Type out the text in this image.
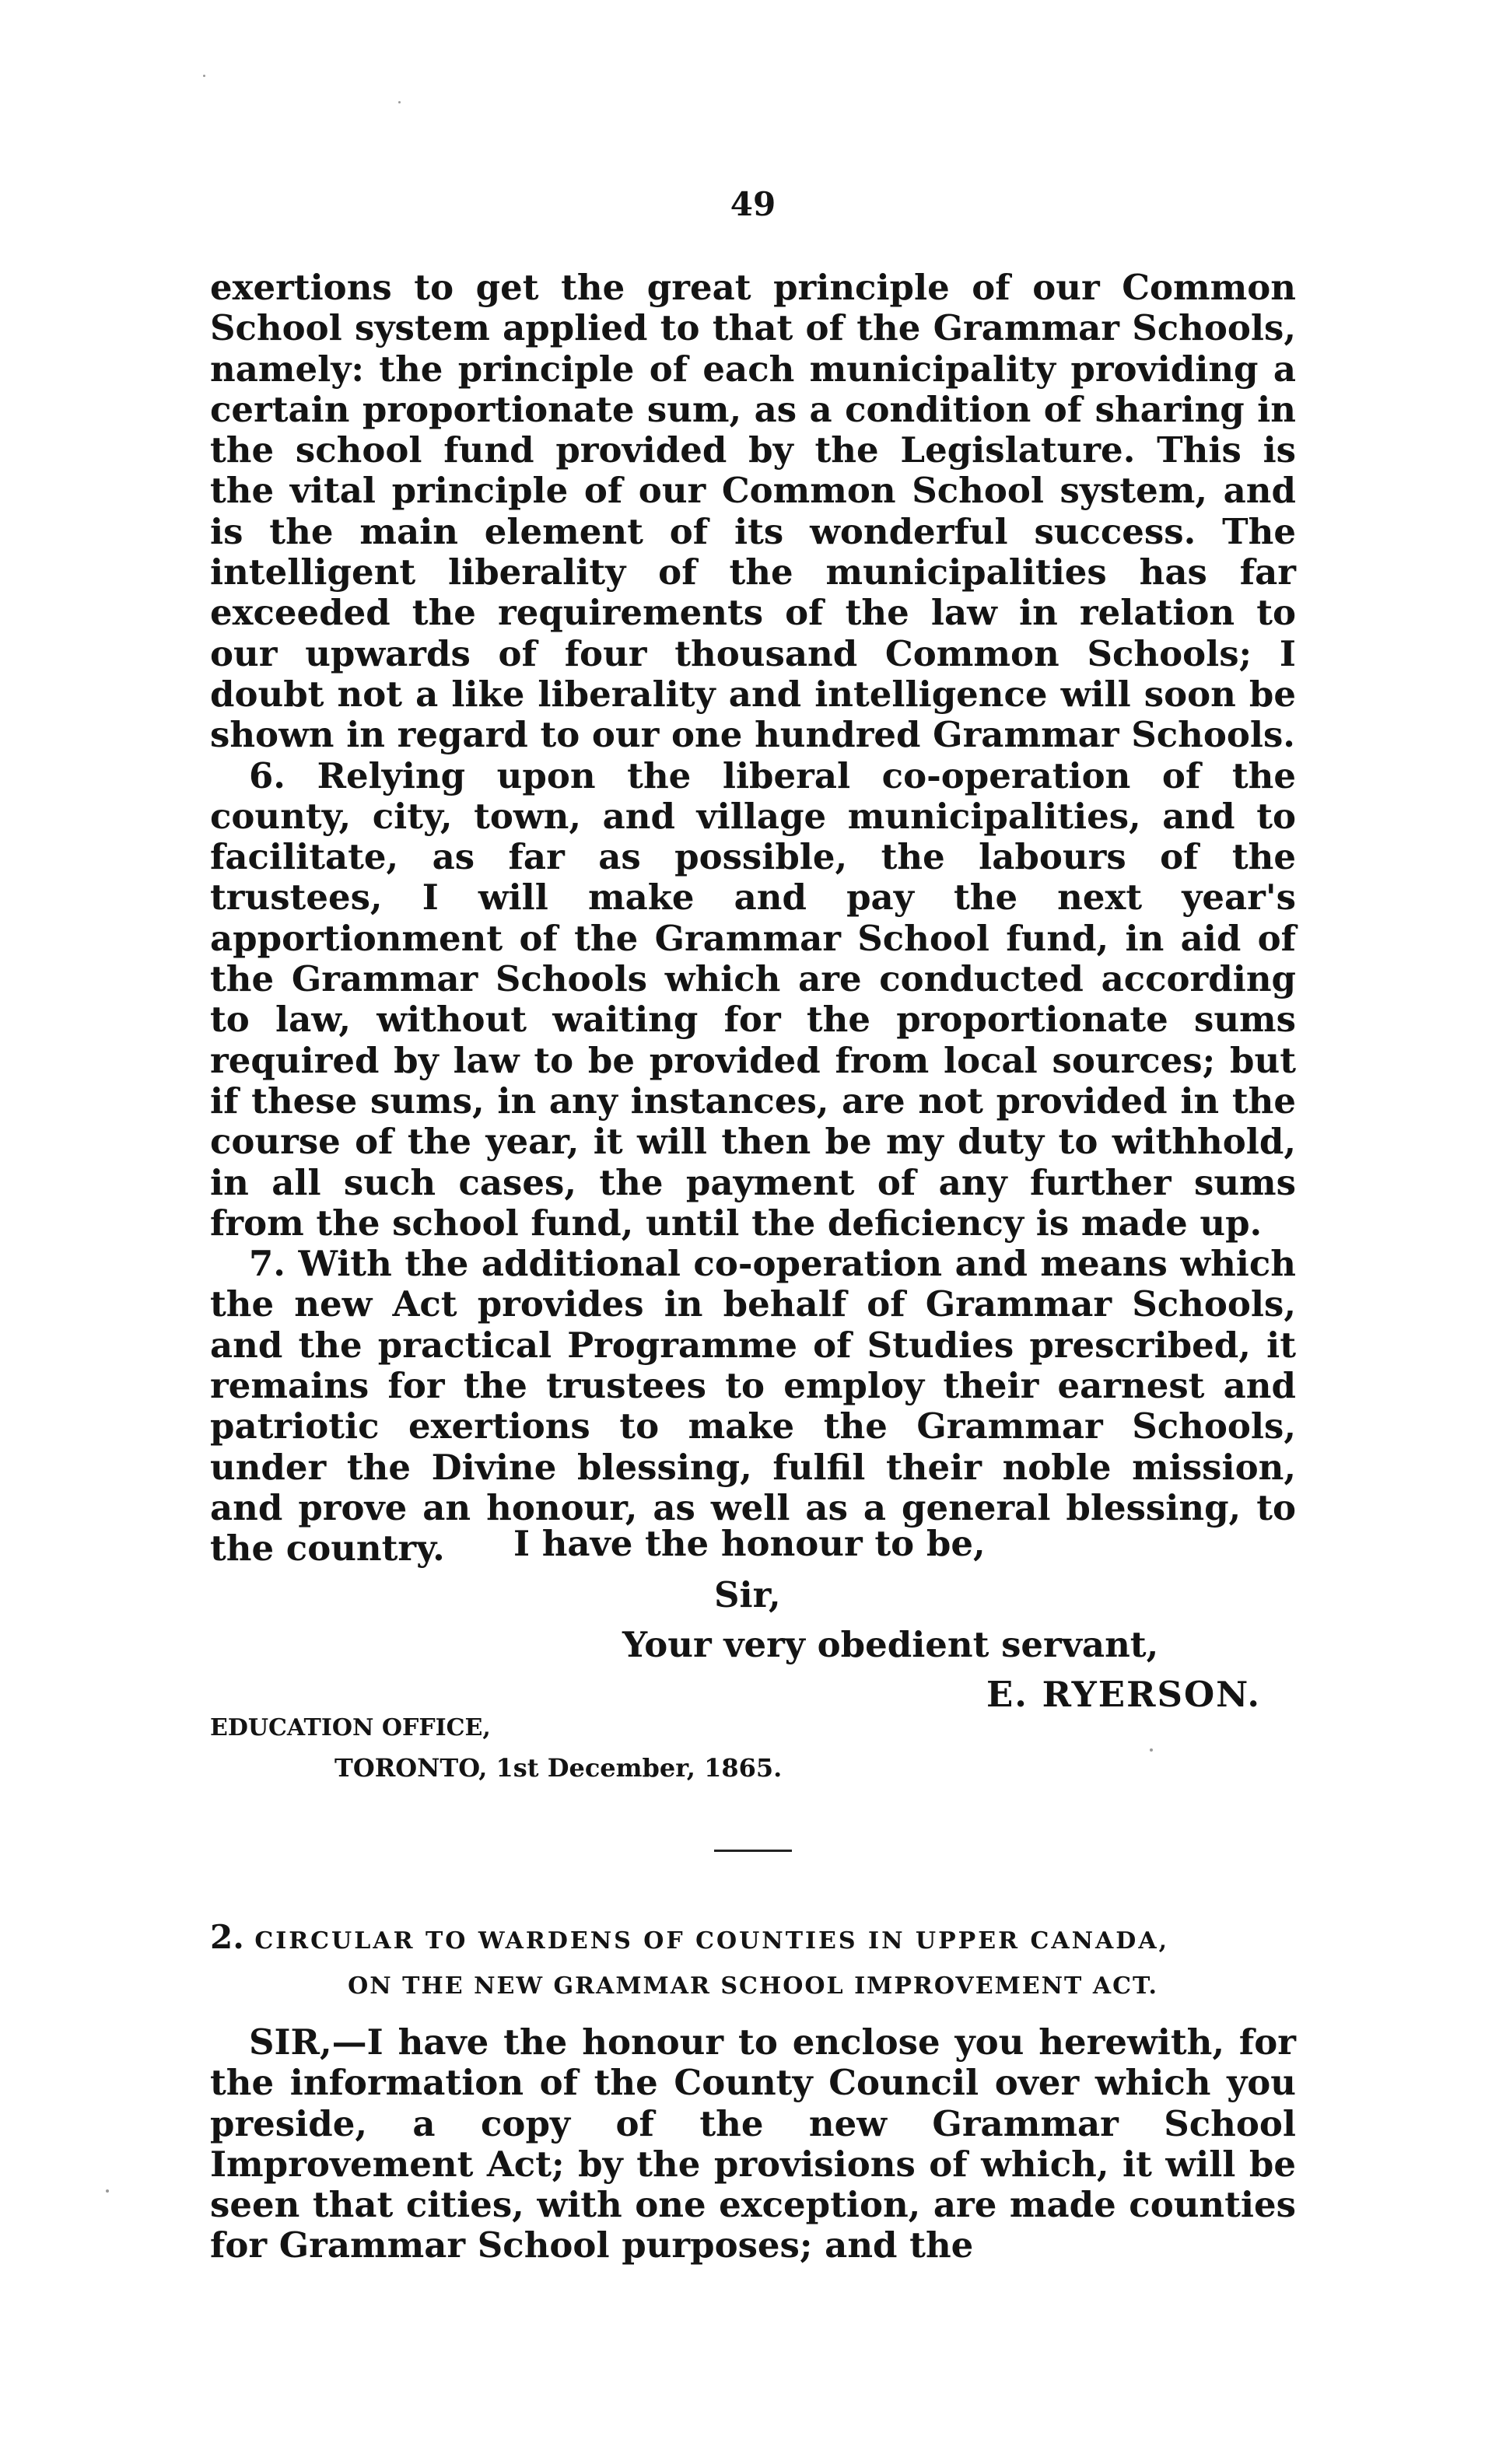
49

exertions to get the great principle of our Common School system applied to that of the Grammar Schools, namely: the principle of each municipality providing a certain proportionate sum, as a condition of sharing in the school fund provided by the Legislature. This is the vital principle of our Common School system, and is the main element of its wonderful success. The intelligent liberality of the municipalities has far exceeded the requirements of the law in relation to our upwards of four thousand Common Schools; I doubt not a like liberality and intelligence will soon be shown in regard to our one hundred Grammar Schools.

6. Relying upon the liberal co-operation of the county, city, town, and village municipalities, and to facilitate, as far as possible, the labours of the trustees, I will make and pay the next year's apportionment of the Grammar School fund, in aid of the Grammar Schools which are conducted according to law, without waiting for the proportionate sums required by law to be provided from local sources; but if these sums, in any instances, are not provided in the course of the year, it will then be my duty to withhold, in all such cases, the payment of any further sums from the school fund, until the deficiency is made up.

7. With the additional co-operation and means which the new Act provides in behalf of Grammar Schools, and the practical Programme of Studies prescribed, it remains for the trustees to employ their earnest and patriotic exertions to make the Grammar Schools, under the Divine blessing, fulfil their noble mission, and prove an honour, as well as a general blessing, to the country.	I have the honour to be,
Sir,
Your very obedient servant,
E. RYERSON.
EDUCATION OFFICE,
TORONTO, 1st December, 1865.
2. CIRCULAR TO WARDENS OF COUNTIES IN UPPER CANADA,
ON THE NEW GRAMMAR SCHOOL IMPROVEMENT ACT.

SIR,—I have the honour to enclose you herewith, for the information of the County Council over which you preside, a copy of the new Grammar School Improvement Act; by the provisions of which, it will be seen that cities, with one exception, are made counties for Grammar School purposes; and the
